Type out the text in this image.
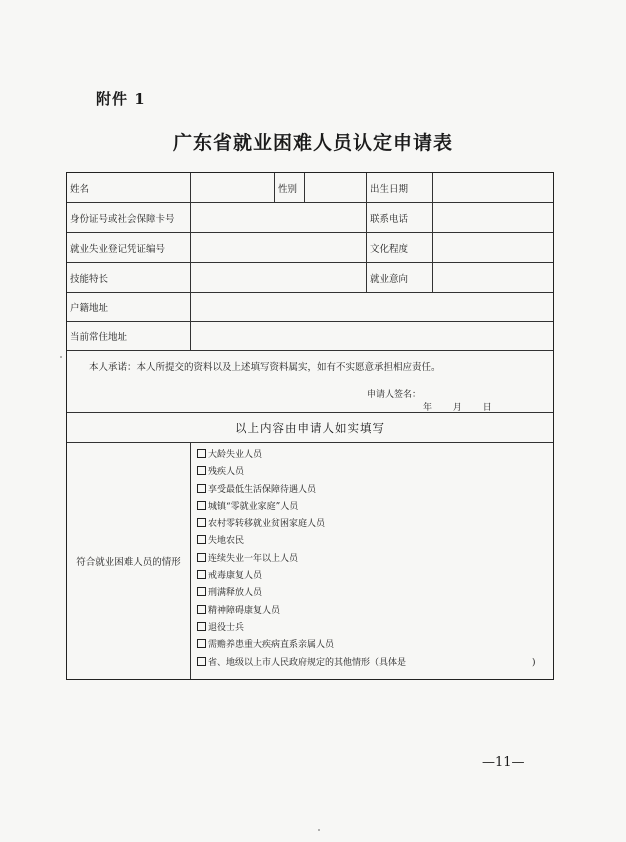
附件 1
广东省就业困难人员认定申请表
姓名	性别	出生日期
身份证号或社会保障卡号	联系电话
就业失业登记凭证编号	文化程度
技能特长	就业意向
户籍地址
当前常住地址
本人承诺：本人所提交的资料以及上述填写资料属实，如有不实愿意承担相应责任。
申请人签名：
年 月 日
以上内容由申请人如实填写
符合就业困难人员的情形
大龄失业人员
残疾人员
享受最低生活保障待遇人员
城镇“零就业家庭”人员
农村零转移就业贫困家庭人员
失地农民
连续失业一年以上人员
戒毒康复人员
刑满释放人员
精神障碍康复人员
退役士兵
需赡养患重大疾病直系亲属人员
省、地级以上市人民政府规定的其他情形（具体是	)
—11—
